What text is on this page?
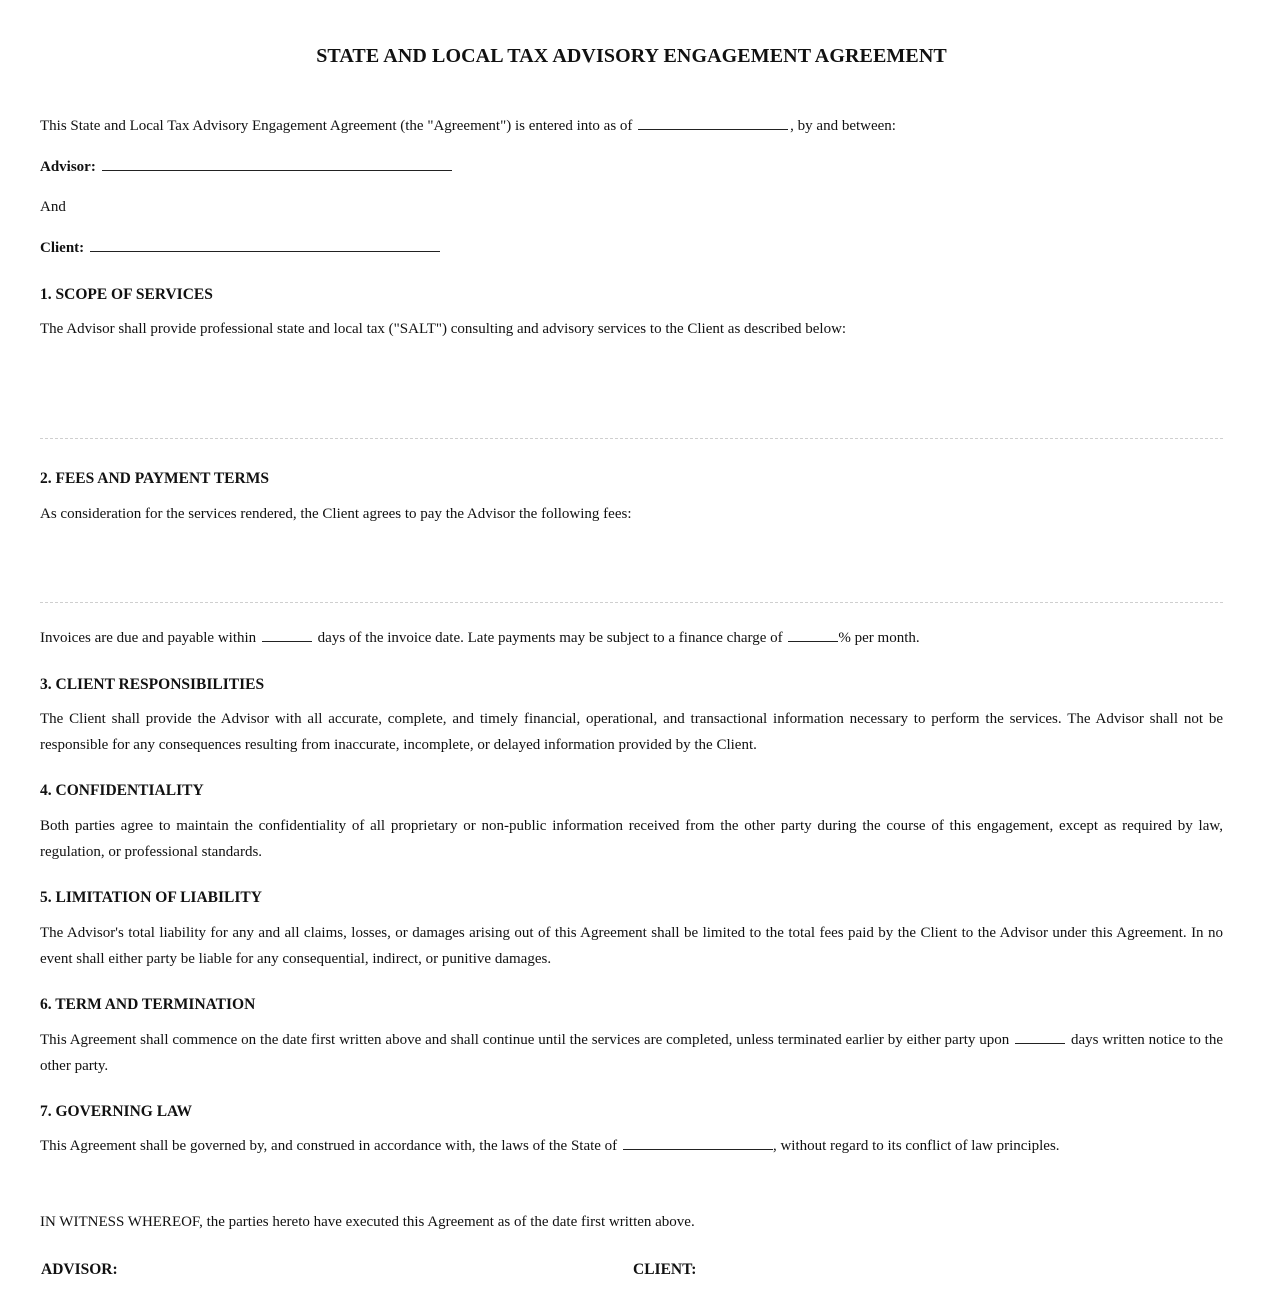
STATE AND LOCAL TAX ADVISORY ENGAGEMENT AGREEMENT
This State and Local Tax Advisory Engagement Agreement (the "Agreement") is entered into as of	, by and between:
Advisor:
And
Client:
1. SCOPE OF SERVICES
The Advisor shall provide professional state and local tax ("SALT") consulting and advisory services to the Client as described below:
2. FEES AND PAYMENT TERMS
As consideration for the services rendered, the Client agrees to pay the Advisor the following fees:
Invoices are due and payable within	days of the invoice date. Late payments may be subject to a finance charge of	% per month.
3. CLIENT RESPONSIBILITIES
The Client shall provide the Advisor with all accurate, complete, and timely financial, operational, and transactional information necessary to perform the services. The Advisor shall not be responsible for any consequences resulting from inaccurate, incomplete, or delayed information provided by the Client.
4. CONFIDENTIALITY
Both parties agree to maintain the confidentiality of all proprietary or non-public information received from the other party during the course of this engagement, except as required by law, regulation, or professional standards.
5. LIMITATION OF LIABILITY
The Advisor's total liability for any and all claims, losses, or damages arising out of this Agreement shall be limited to the total fees paid by the Client to the Advisor under this Agreement. In no event shall either party be liable for any consequential, indirect, or punitive damages.
6. TERM AND TERMINATION
This Agreement shall commence on the date first written above and shall continue until the services are completed, unless terminated earlier by either party upon	days written notice to the other party.
7. GOVERNING LAW
This Agreement shall be governed by, and construed in accordance with, the laws of the State of	, without regard to its conflict of law principles.
IN WITNESS WHEREOF, the parties hereto have executed this Agreement as of the date first written above.
ADVISOR:	CLIENT:
